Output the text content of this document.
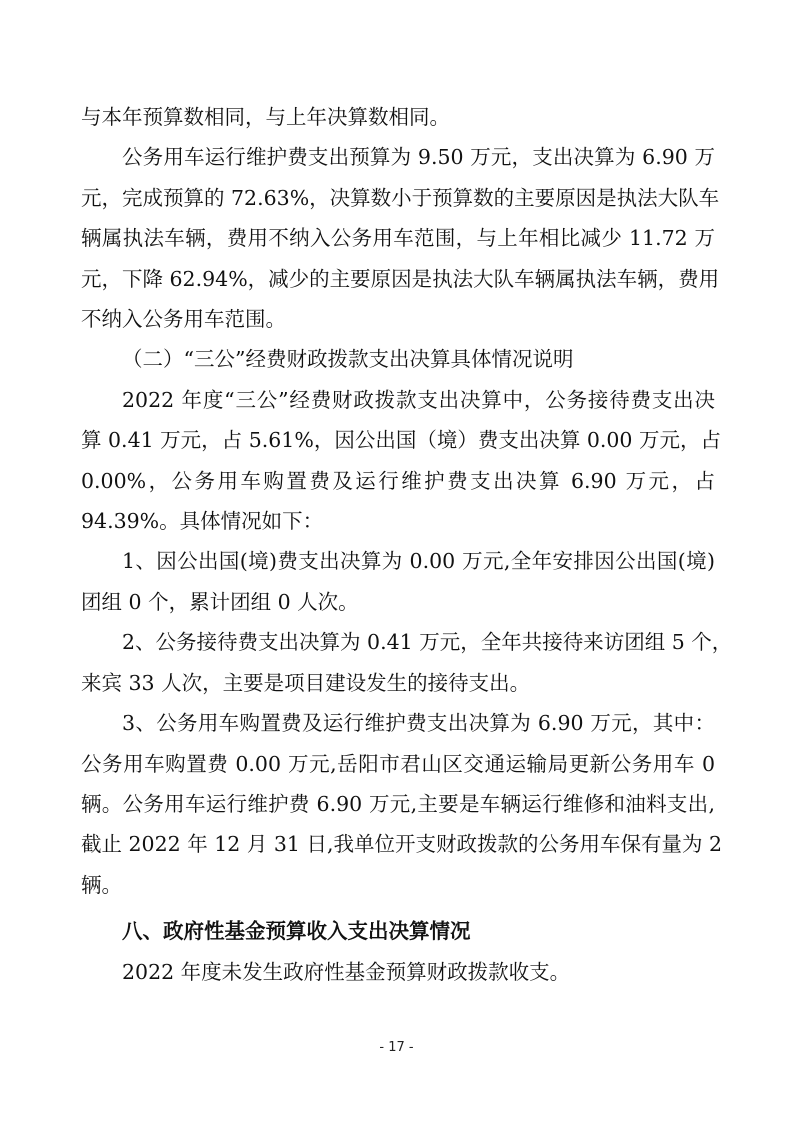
与本年预算数相同，与上年决算数相同。

公务用车运行维护费支出预算为 9.50 万元，支出决算为 6.90 万
元，完成预算的 72.63%，决算数小于预算数的主要原因是执法大队车
辆属执法车辆，费用不纳入公务用车范围，与上年相比减少 11.72 万
元，下降 62.94%，减少的主要原因是执法大队车辆属执法车辆，费用
不纳入公务用车范围。

（二）“三公”经费财政拨款支出决算具体情况说明

2022 年度“三公”经费财政拨款支出决算中，公务接待费支出决
算 0.41 万元，占 5.61%，因公出国（境）费支出决算 0.00 万元，占
0.00%，公务用车购置费及运行维护费支出决算 6.90 万元，占
94.39%。具体情况如下：

1、因公出国(境)费支出决算为 0.00 万元,全年安排因公出国(境)
团组 0 个，累计团组 0 人次。

2、公务接待费支出决算为 0.41 万元，全年共接待来访团组 5 个，
来宾 33 人次，主要是项目建设发生的接待支出。

3、公务用车购置费及运行维护费支出决算为 6.90 万元，其中：
公务用车购置费 0.00 万元,岳阳市君山区交通运输局更新公务用车 0
辆。公务用车运行维护费 6.90 万元,主要是车辆运行维修和油料支出,
截止 2022 年 12 月 31 日,我单位开支财政拨款的公务用车保有量为 2
辆。

八、政府性基金预算收入支出决算情况

2022 年度未发生政府性基金预算财政拨款收支。

- 17 -
